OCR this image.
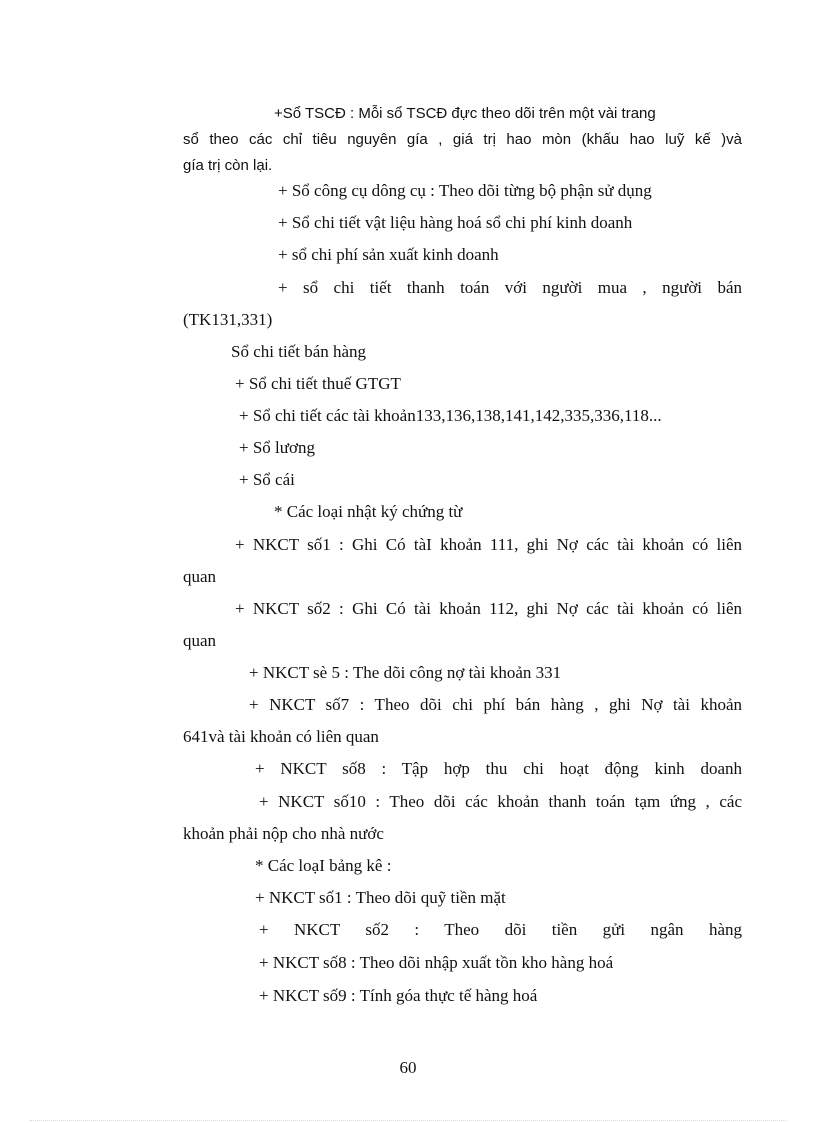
+Sổ TSCĐ : Mỗi sổ TSCĐ đực theo dõi trên một vài trang
sổ theo các chỉ tiêu nguyên gía , giá trị hao mòn (khấu hao luỹ kế )và
gía trị còn lại.
+ Sổ công cụ dông cụ : Theo dõi từng bộ phận sử dụng
+ Sổ chi tiết vật liệu hàng hoá sổ chi phí kinh doanh
+ sổ chi phí sản xuất kinh doanh
+ sổ chi tiết thanh toán với người mua , người bán
(TK131,331)
Sổ chi tiết bán hàng
+ Sổ chi tiết thuế GTGT
+ Sổ chi tiết các tài khoản133,136,138,141,142,335,336,118...
+ Sổ lương
+ Sổ cái
* Các loại nhật ký chứng từ
+ NKCT số1 : Ghi Có tàI khoản 111, ghi Nợ các tài khoản có liên
quan
+ NKCT số2 : Ghi Có tài khoản 112, ghi Nợ các tài khoản có liên
quan
+ NKCT sè 5 : The dõi công nợ tài khoản 331
+ NKCT số7 : Theo dõi chi phí bán hàng , ghi Nợ tài khoản
641và tài khoản có liên quan
+ NKCT số8 : Tập hợp thu chi hoạt động kinh doanh
+ NKCT số10 : Theo dõi các khoản thanh toán tạm ứng , các
khoản phải nộp cho nhà nước
* Các loạI bảng kê :
+ NKCT số1 : Theo dõi quỹ tiền mặt
+ NKCT số2 : Theo dõi tiền gửi ngân hàng
+ NKCT số8 : Theo dõi nhập xuất tồn kho hàng hoá
+ NKCT số9 : Tính góa thực tế hàng hoá
60
